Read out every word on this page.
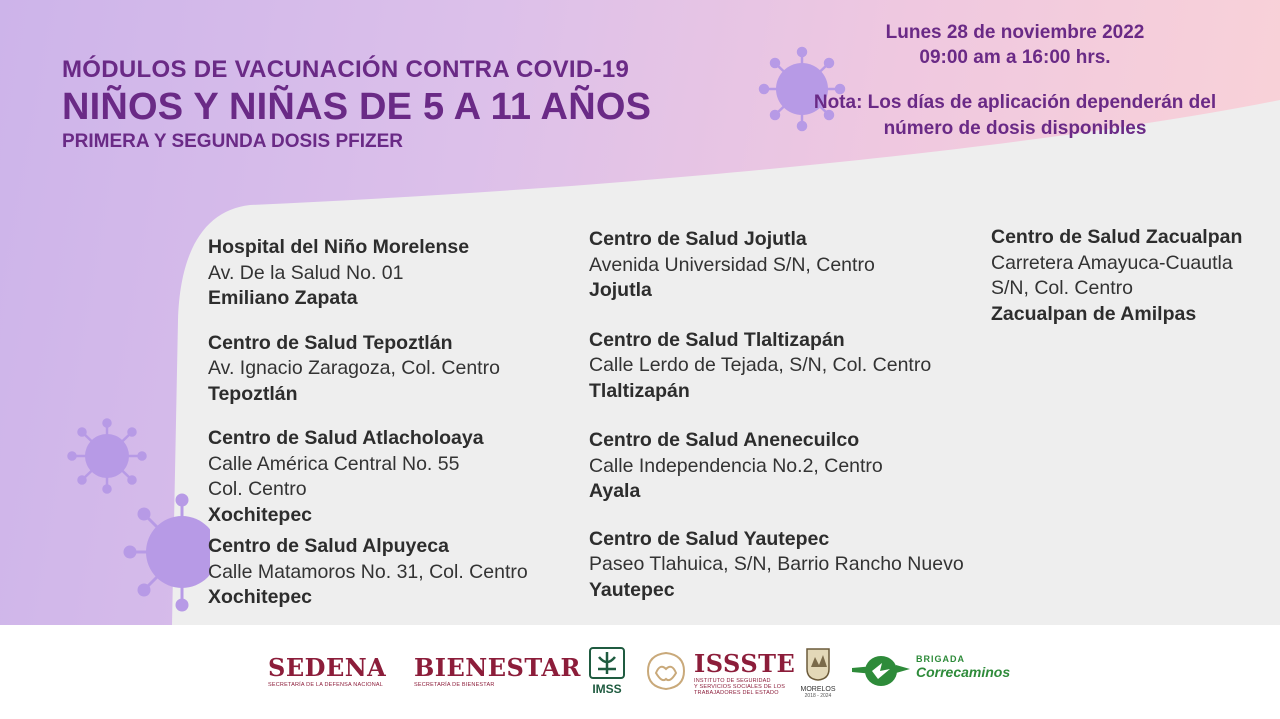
MÓDULOS DE VACUNACIÓN CONTRA COVID-19
NIÑOS Y NIÑAS DE 5 A 11 AÑOS
PRIMERA Y SEGUNDA DOSIS PFIZER
Lunes 28 de noviembre 2022
09:00 am a 16:00 hrs.
Nota: Los días de aplicación dependerán del
número de dosis disponibles
Hospital del Niño Morelense
Av. De la Salud No. 01
Emiliano Zapata
Centro de Salud Tepoztlán
Av. Ignacio Zaragoza, Col. Centro
Tepoztlán
Centro de Salud Atlacholoaya
Calle América Central No. 55
Col. Centro
Xochitepec
Centro de Salud Alpuyeca
Calle Matamoros No. 31, Col. Centro
Xochitepec
Centro de Salud Jojutla
Avenida Universidad S/N, Centro
Jojutla
Centro de Salud Tlaltizapán
Calle Lerdo de Tejada, S/N, Col. Centro
Tlaltizapán
Centro de Salud Anenecuilco
Calle Independencia No.2, Centro
Ayala
Centro de Salud Yautepec
Paseo Tlahuica, S/N, Barrio Rancho Nuevo
Yautepec
Centro de Salud Zacualpan
Carretera Amayuca-Cuautla
S/N, Col. Centro
Zacualpan de Amilpas
SEDENA
SECRETARÍA DE LA DEFENSA NACIONAL
BIENESTAR
SECRETARÍA DE BIENESTAR	IMSS
ISSSTE
INSTITUTO DE SEGURIDAD
Y SERVICIOS SOCIALES DE LOS
TRABAJADORES DEL ESTADO	MORELOS
2018 - 2024
BRIGADA
Correcaminos
